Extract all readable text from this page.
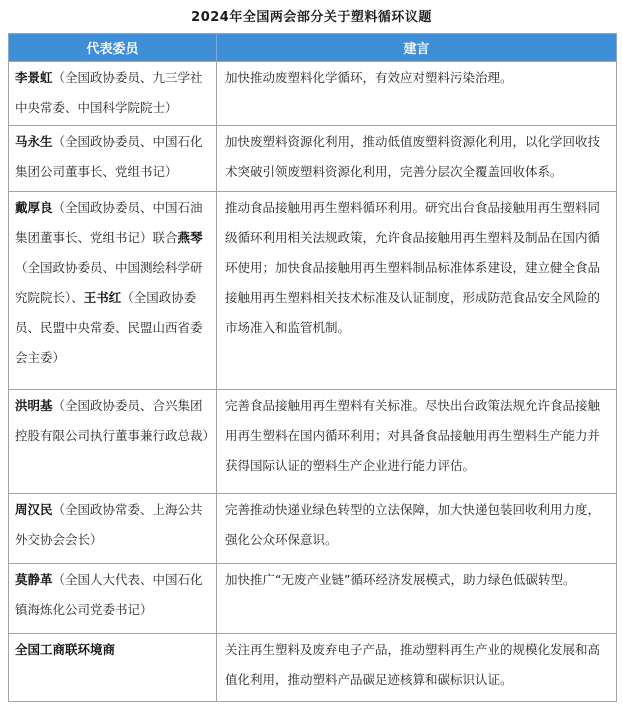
2024年全国两会部分关于塑料循环议题
代表委员	建言
李景虹（全国政协委员、九三学社中央常委、中国科学院院士）	加快推动废塑料化学循环，有效应对塑料污染治理。
马永生（全国政协委员、中国石化集团公司董事长、党组书记）	加快废塑料资源化利用，推动低值废塑料资源化利用，以化学回收技术突破引领废塑料资源化利用，完善分层次全覆盖回收体系。
戴厚良（全国政协委员、中国石油集团董事长、党组书记）联合燕琴（全国政协委员、中国测绘科学研究院院长）、王书红（全国政协委员、民盟中央常委、民盟山西省委会主委）	推动食品接触用再生塑料循环利用。研究出台食品接触用再生塑料同级循环利用相关法规政策，允许食品接触用再生塑料及制品在国内循环使用；加快食品接触用再生塑料制品标准体系建设，建立健全食品接触用再生塑料相关技术标准及认证制度，形成防范食品安全风险的市场准入和监管机制。
洪明基（全国政协委员、合兴集团控股有限公司执行董事兼行政总裁）	完善食品接触用再生塑料有关标准。尽快出台政策法规允许食品接触用再生塑料在国内循环利用；对具备食品接触用再生塑料生产能力并获得国际认证的塑料生产企业进行能力评估。
周汉民（全国政协常委、上海公共外交协会会长）	完善推动快递业绿色转型的立法保障，加大快递包装回收利用力度，强化公众环保意识。
莫静革（全国人大代表、中国石化镇海炼化公司党委书记）	加快推广“无废产业链”循环经济发展模式，助力绿色低碳转型。
全国工商联环境商	关注再生塑料及废弃电子产品，推动塑料再生产业的规模化发展和高值化利用，推动塑料产品碳足迹核算和碳标识认证。
